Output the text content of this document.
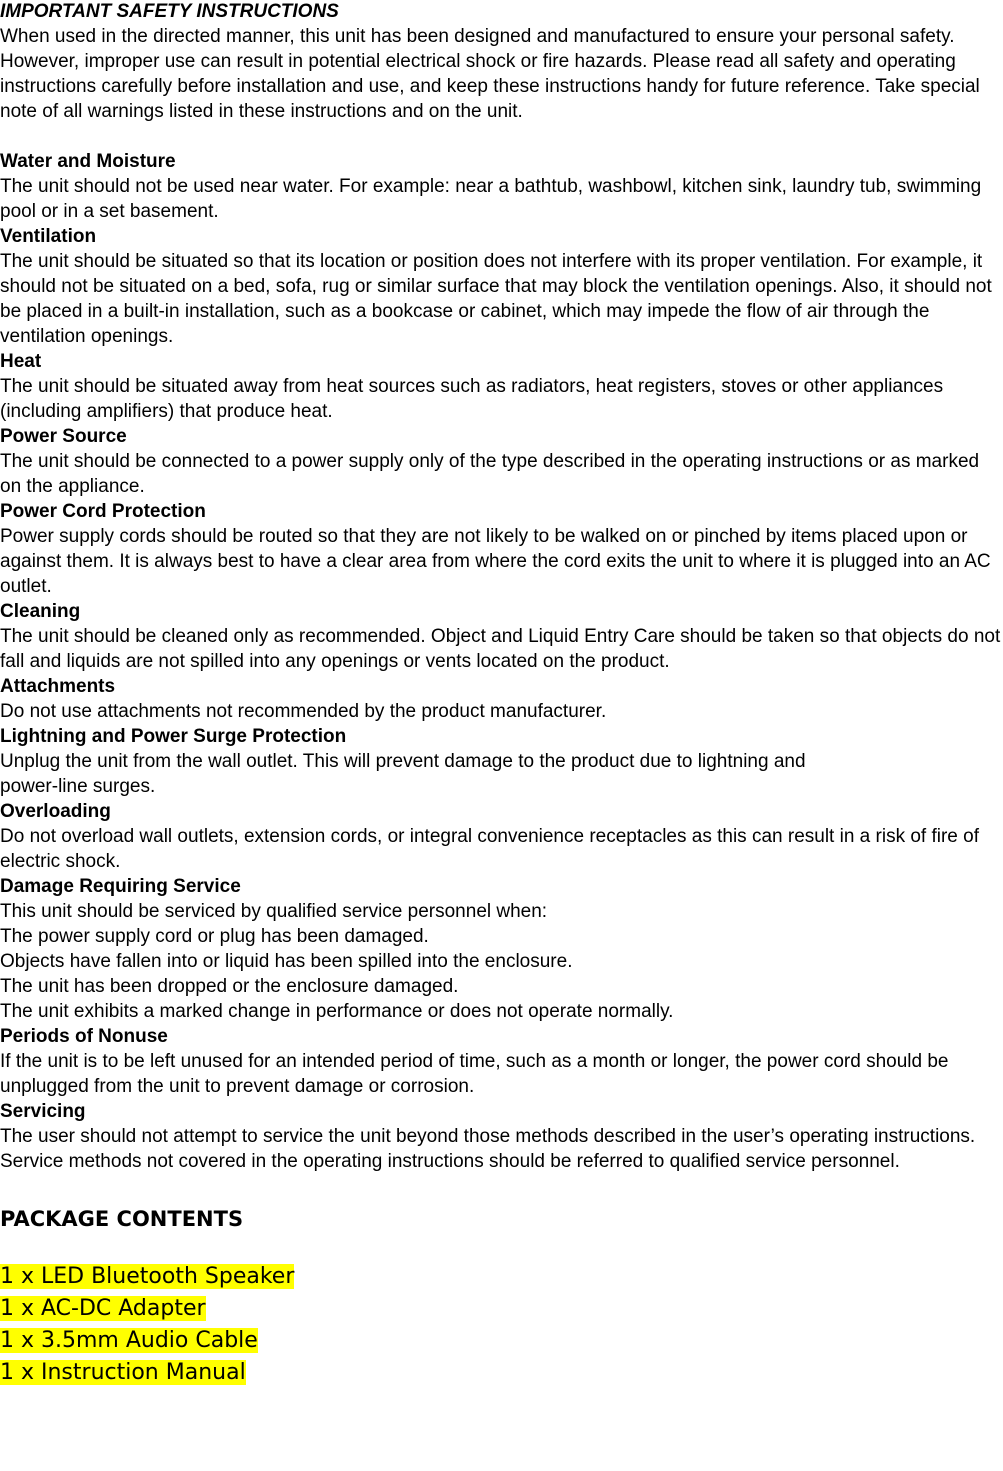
IMPORTANT SAFETY INSTRUCTIONS

When used in the directed manner, this unit has been designed and manufactured to ensure your personal safety.

However, improper use can result in potential electrical shock or fire hazards. Please read all safety and operating instructions carefully before installation and use, and keep these instructions handy for future reference. Take special note of all warnings listed in these instructions and on the unit.

Water and Moisture

The unit should not be used near water. For example: near a bathtub, washbowl, kitchen sink, laundry tub, swimming pool or in a set basement.

Ventilation

The unit should be situated so that its location or position does not interfere with its proper ventilation. For example, it should not be situated on a bed, sofa, rug or similar surface that may block the ventilation openings. Also, it should not be placed in a built-in installation, such as a bookcase or cabinet, which may impede the flow of air through the ventilation openings.

Heat

The unit should be situated away from heat sources such as radiators, heat registers, stoves or other appliances (including amplifiers) that produce heat.

Power Source

The unit should be connected to a power supply only of the type described in the operating instructions or as marked on the appliance.

Power Cord Protection

Power supply cords should be routed so that they are not likely to be walked on or pinched by items placed upon or against them. It is always best to have a clear area from where the cord exits the unit to where it is plugged into an AC outlet.

Cleaning

The unit should be cleaned only as recommended. Object and Liquid Entry Care should be taken so that objects do not fall and liquids are not spilled into any openings or vents located on the product.

Attachments

Do not use attachments not recommended by the product manufacturer.

Lightning and Power Surge Protection

Unplug the unit from the wall outlet. This will prevent damage to the product due to lightning and

power-line surges.

Overloading

Do not overload wall outlets, extension cords, or integral convenience receptacles as this can result in a risk of fire of electric shock.

Damage Requiring Service

This unit should be serviced by qualified service personnel when:

The power supply cord or plug has been damaged.

Objects have fallen into or liquid has been spilled into the enclosure.

The unit has been dropped or the enclosure damaged.

The unit exhibits a marked change in performance or does not operate normally.

Periods of Nonuse

If the unit is to be left unused for an intended period of time, such as a month or longer, the power cord should be unplugged from the unit to prevent damage or corrosion.

Servicing

The user should not attempt to service the unit beyond those methods described in the user’s operating instructions.

Service methods not covered in the operating instructions should be referred to qualified service personnel.

PACKAGE CONTENTS

1 x LED Bluetooth Speaker
1 x AC-DC Adapter
1 x 3.5mm Audio Cable
1 x Instruction Manual
